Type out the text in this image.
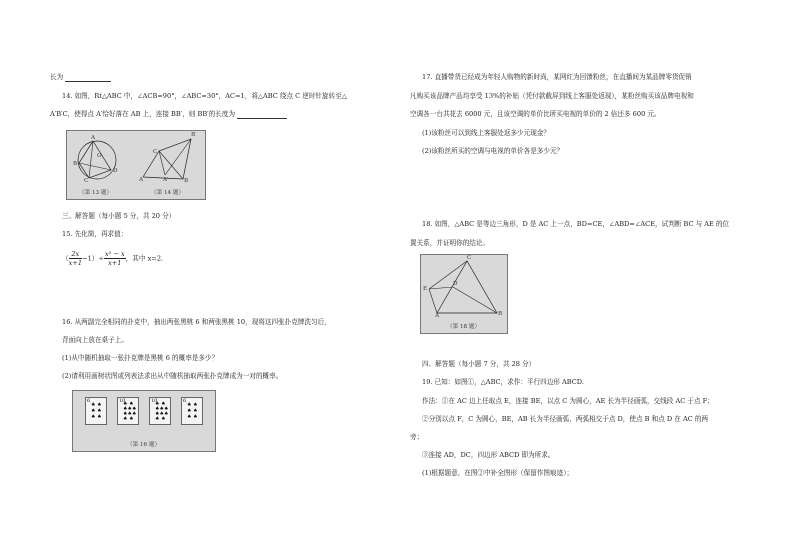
长为
14. 如图，Rt△ABC 中，∠ACB=90°，∠ABC=30°，AC=1，将△ABC 绕点 C 逆时针旋转至△
A′B′C，使得点 A′恰好落在 AB 上，连接 BB′，则 BB′的长度为
A
O
B
C
D
B′
C
A	A′	B
（第 13 题）	（第 14 题）
三、解答题（每小题 5 分，共 20 分）
15. 先化简，再求值：
（ $\frac{2x}{x+1} -1)\div \frac{\text{x² − x}}{x+1}$ ，其中 x=2.
16. 从两副完全相同的扑克中，抽出两张黑桃 6 和两张黑桃 10，现将这四张扑克牌洗匀后，
背面向上放在桌子上。
(1)从中随机抽取一张扑克牌是黑桃 6 的概率是多少？
(2)请利用画树状图或列表法求出从中随机抽取两张扑克牌成为一对的概率。
6
♠ ♠
♠ ♠
♠ ♠
10
♠ ♠
♠♠♠
♠♠♠
♠ ♠
10
♠ ♠
♠♠♠
♠♠♠
♠ ♠
6
♠ ♠
♠ ♠
♠ ♠
（第 16 题）
17. 直播带货已经成为年轻人购物的新时尚，某网红为回馈粉丝，在直播间为某品牌零货促销
凡购买该品牌产品均享受 13%的补贴（凭付款截屏到线上客服处返现），某粉丝购买该品牌电视和
空调各一台共花去 6000 元，且该空调的单价比所买电视的单价的 2 倍还多 600 元。
(1)该粉丝可以到线上客服处返多少元现金？
(2)该粉丝所买的空调与电视的单价各是多少元？
18. 如图，△ABC 是等边三角形，D 是 AC 上一点，BD=CE，∠ABD=∠ACE，试判断 BC 与 AE 的位
置关系，并证明你的结论。
C
E
D
A	B
（第 18 题）
四、解答题（每小题 7 分，共 28 分）
19. 已知：如图①，△ABC，求作：平行四边形 ABCD.
作法：①在 AC 边上任取点 E，连接 BE，以点 C 为圆心，AE 长为半径画弧，交线段 AC 于点 F；
②分别以点 F，C 为圆心，BE，AB 长为半径画弧，两弧相交于点 D，使点 B 和点 D 在 AC 的两
旁；
③连接 AD，DC，四边形 ABCD 即为所求。
(1)根据题意，在图②中补全图形（保留作图痕迹）；
